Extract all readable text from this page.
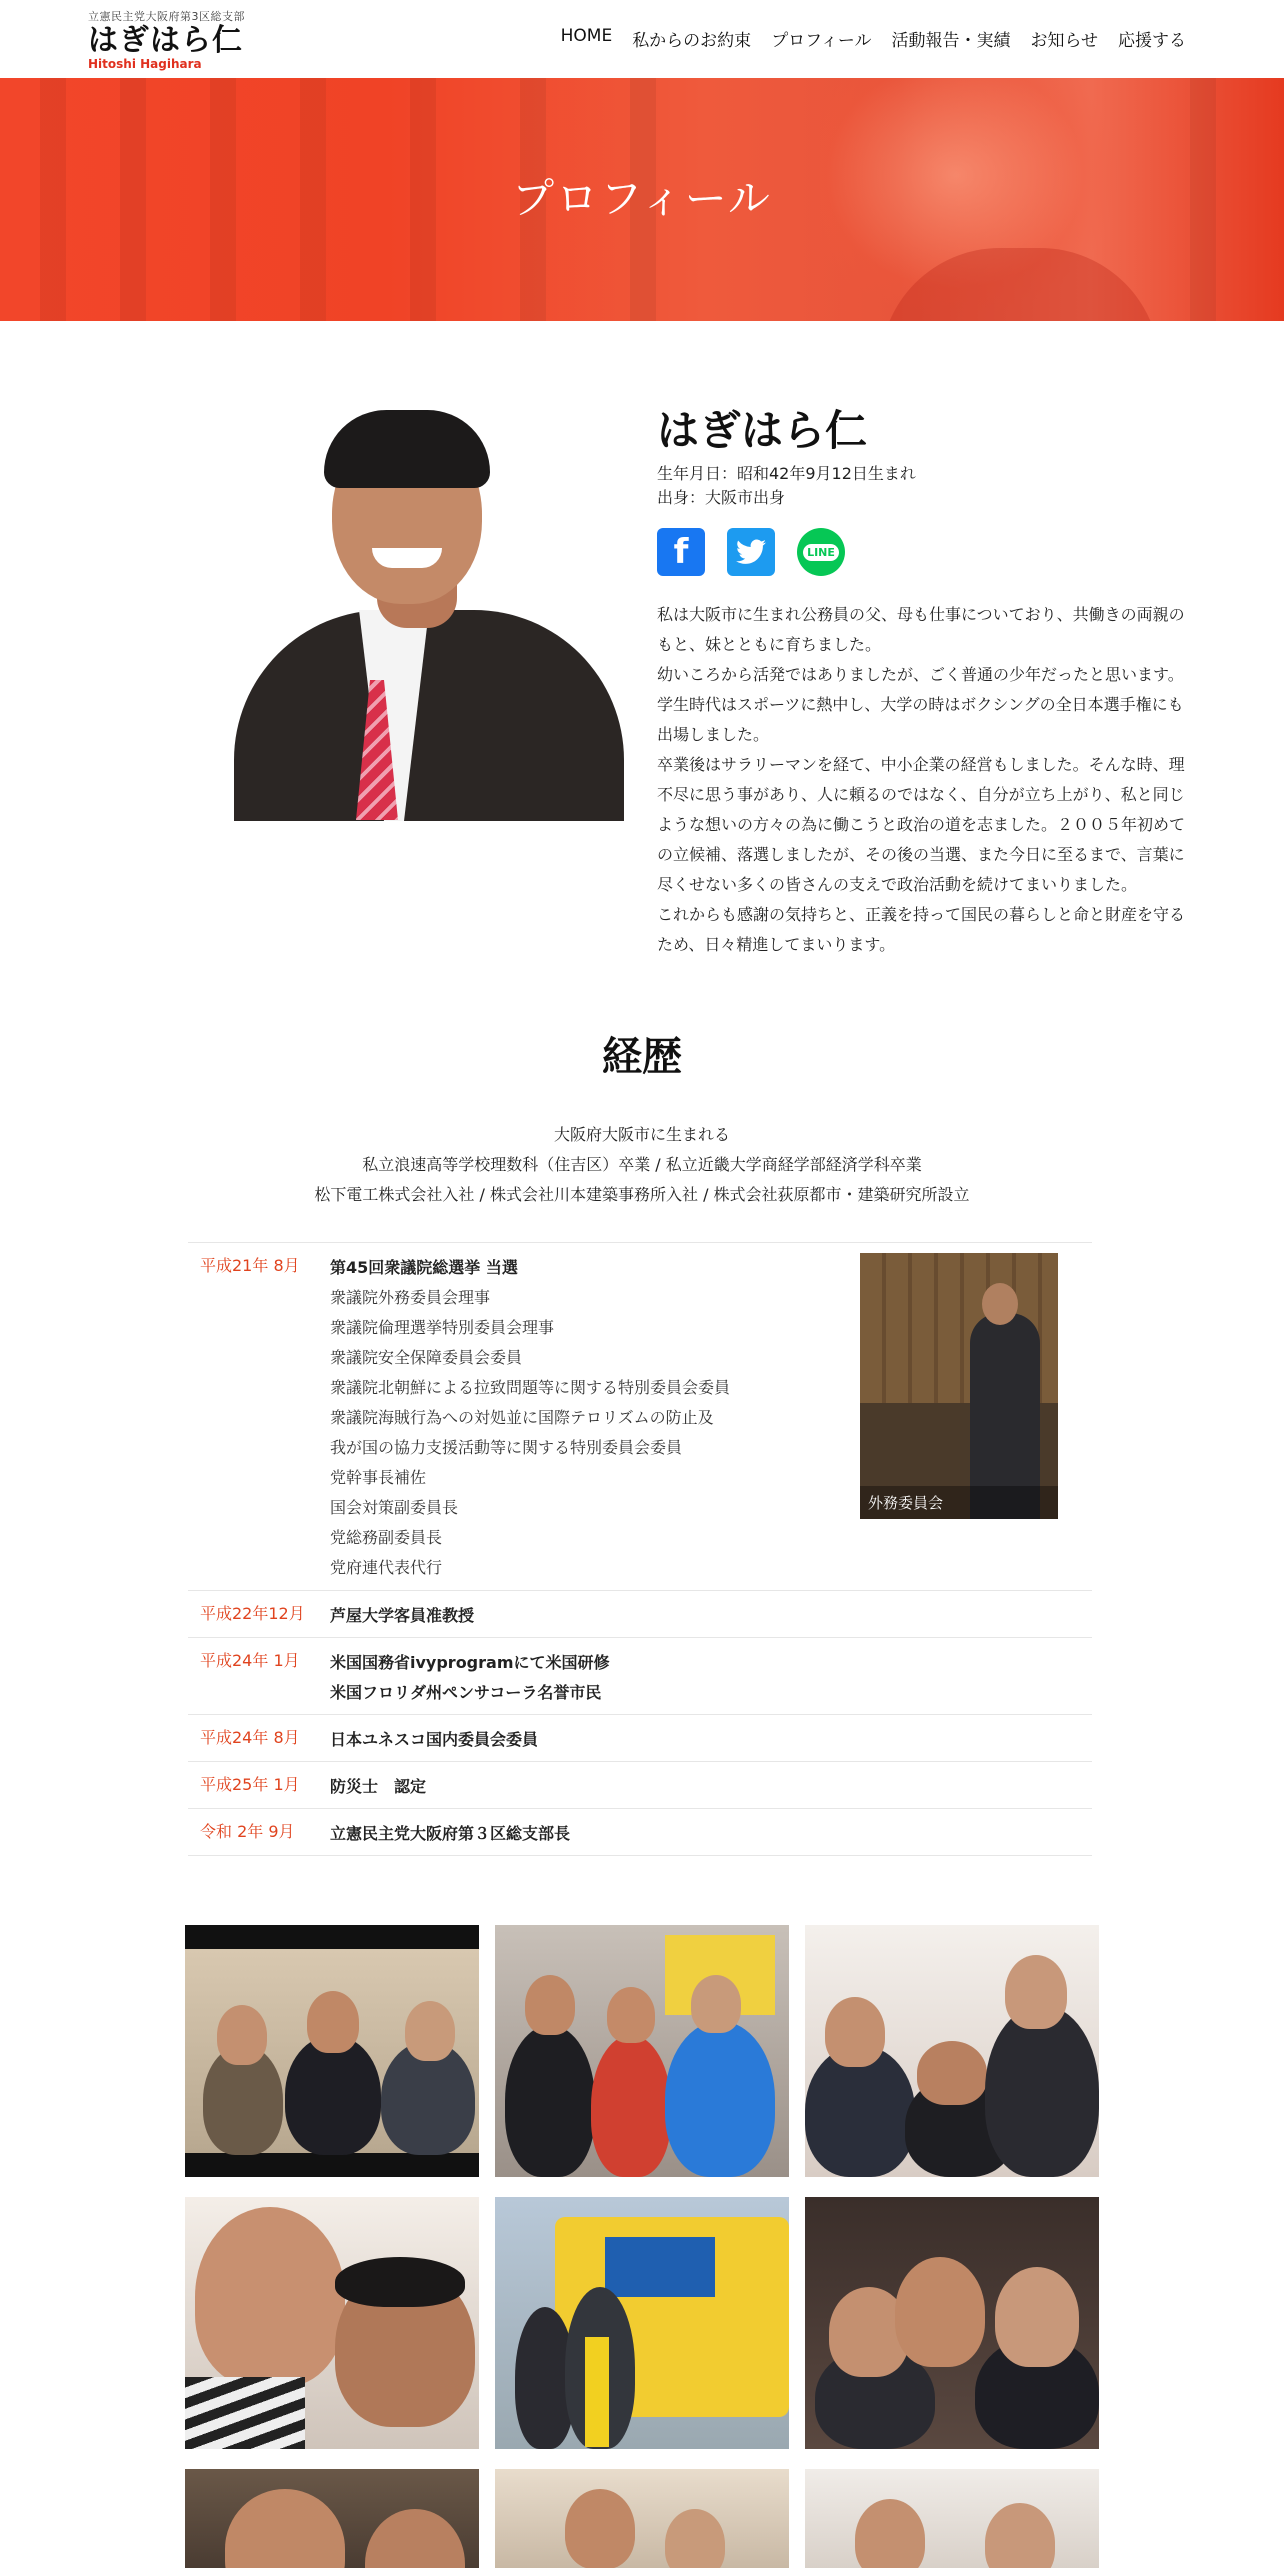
立憲民主党大阪府第3区総支部
はぎはら仁
Hitoshi Hagihara
HOME 私からのお約束 プロフィール 活動報告・実績 お知らせ 応援する
プロフィール
はぎはら仁
生年月日：昭和42年9月12日生まれ
出身：大阪市出身
f	LINE

私は大阪市に生まれ公務員の父、母も仕事についており、共働きの両親のもと、妹とともに育ちました。

幼いころから活発ではありましたが、ごく普通の少年だったと思います。

学生時代はスポーツに熱中し、大学の時はボクシングの全日本選手権にも出場しました。

卒業後はサラリーマンを経て、中小企業の経営もしました。そんな時、理不尽に思う事があり、人に頼るのではなく、自分が立ち上がり、私と同じような想いの方々の為に働こうと政治の道を志ました。２００５年初めての立候補、落選しましたが、その後の当選、また今日に至るまで、言葉に尽くせない多くの皆さんの支えで政治活動を続けてまいりました。

これからも感謝の気持ちと、正義を持って国民の暮らしと命と財産を守るため、日々精進してまいります。

経歴
大阪府大阪市に生まれる
私立浪速高等学校理数科（住吉区）卒業 / 私立近畿大学商経学部経済学科卒業
松下電工株式会社入社 / 株式会社川本建築事務所入社 / 株式会社荻原都市・建築研究所設立
平成21年 8月 第45回衆議院総選挙 当選
衆議院外務委員会理事
衆議院倫理選挙特別委員会理事
衆議院安全保障委員会委員
衆議院北朝鮮による拉致問題等に関する特別委員会委員
衆議院海賊行為への対処並に国際テロリズムの防止及
我が国の協力支援活動等に関する特別委員会委員
党幹事長補佐
国会対策副委員長
党総務副委員長
党府連代表代行
平成22年12月 芦屋大学客員准教授
平成24年 1月 米国国務省ivyprogramにて米国研修
米国フロリダ州ペンサコーラ名誉市民
平成24年 8月 日本ユネスコ国内委員会委員
平成25年 1月 防災士　認定
令和 2年 9月 立憲民主党大阪府第３区総支部長
外務委員会
